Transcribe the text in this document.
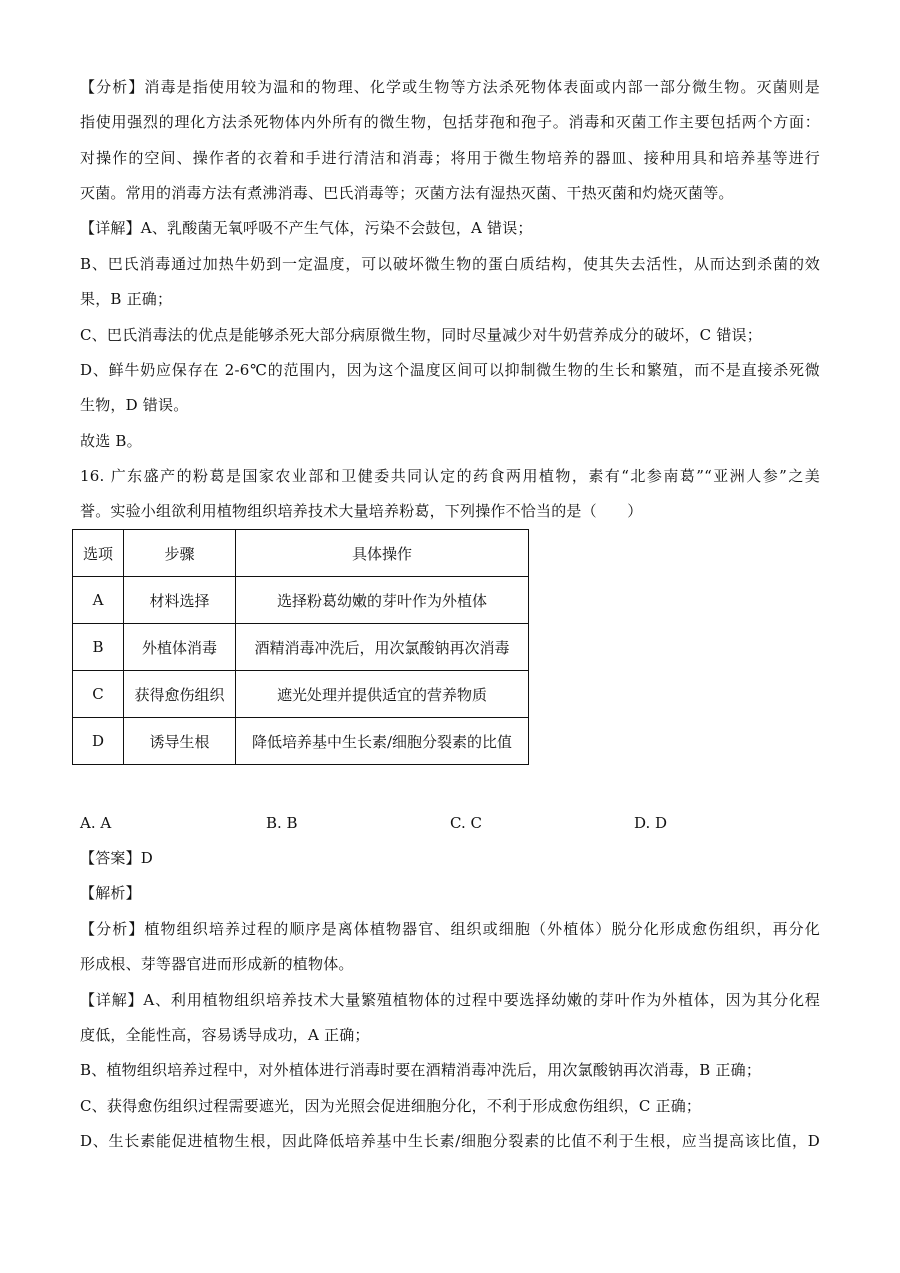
【分析】消毒是指使用较为温和的物理、化学或生物等方法杀死物体表面或内部一部分微生物。灭菌则是
指使用强烈的理化方法杀死物体内外所有的微生物，包括芽孢和孢子。消毒和灭菌工作主要包括两个方面：
对操作的空间、操作者的衣着和手进行清洁和消毒；将用于微生物培养的器皿、接种用具和培养基等进行
灭菌。常用的消毒方法有煮沸消毒、巴氏消毒等；灭菌方法有湿热灭菌、干热灭菌和灼烧灭菌等。
【详解】A、乳酸菌无氧呼吸不产生气体，污染不会鼓包，A 错误；
B、巴氏消毒通过加热牛奶到一定温度，可以破坏微生物的蛋白质结构，使其失去活性，从而达到杀菌的效
果，B 正确；
C、巴氏消毒法的优点是能够杀死大部分病原微生物，同时尽量减少对牛奶营养成分的破坏，C 错误；
D、鲜牛奶应保存在 2-6℃的范围内，因为这个温度区间可以抑制微生物的生长和繁殖，而不是直接杀死微
生物，D 错误。
故选 B。
16. 广东盛产的粉葛是国家农业部和卫健委共同认定的药食两用植物，素有“北参南葛”“亚洲人参”之美
誉。实验小组欲利用植物组织培养技术大量培养粉葛，下列操作不恰当的是（　　）
选项	步骤	具体操作
A	材料选择	选择粉葛幼嫩的芽叶作为外植体
B	外植体消毒	酒精消毒冲洗后，用次氯酸钠再次消毒
C	获得愈伤组织	遮光处理并提供适宜的营养物质
D	诱导生根	降低培养基中生长素/细胞分裂素的比值
A. A	B. B	C. C	D. D
【答案】D
【解析】
【分析】植物组织培养过程的顺序是离体植物器官、组织或细胞（外植体）脱分化形成愈伤组织，再分化
形成根、芽等器官进而形成新的植物体。
【详解】A、利用植物组织培养技术大量繁殖植物体的过程中要选择幼嫩的芽叶作为外植体，因为其分化程
度低，全能性高，容易诱导成功，A 正确；
B、植物组织培养过程中，对外植体进行消毒时要在酒精消毒冲洗后，用次氯酸钠再次消毒，B 正确；
C、获得愈伤组织过程需要遮光，因为光照会促进细胞分化，不利于形成愈伤组织，C 正确；
D、生长素能促进植物生根，因此降低培养基中生长素/细胞分裂素的比值不利于生根，应当提高该比值，D
